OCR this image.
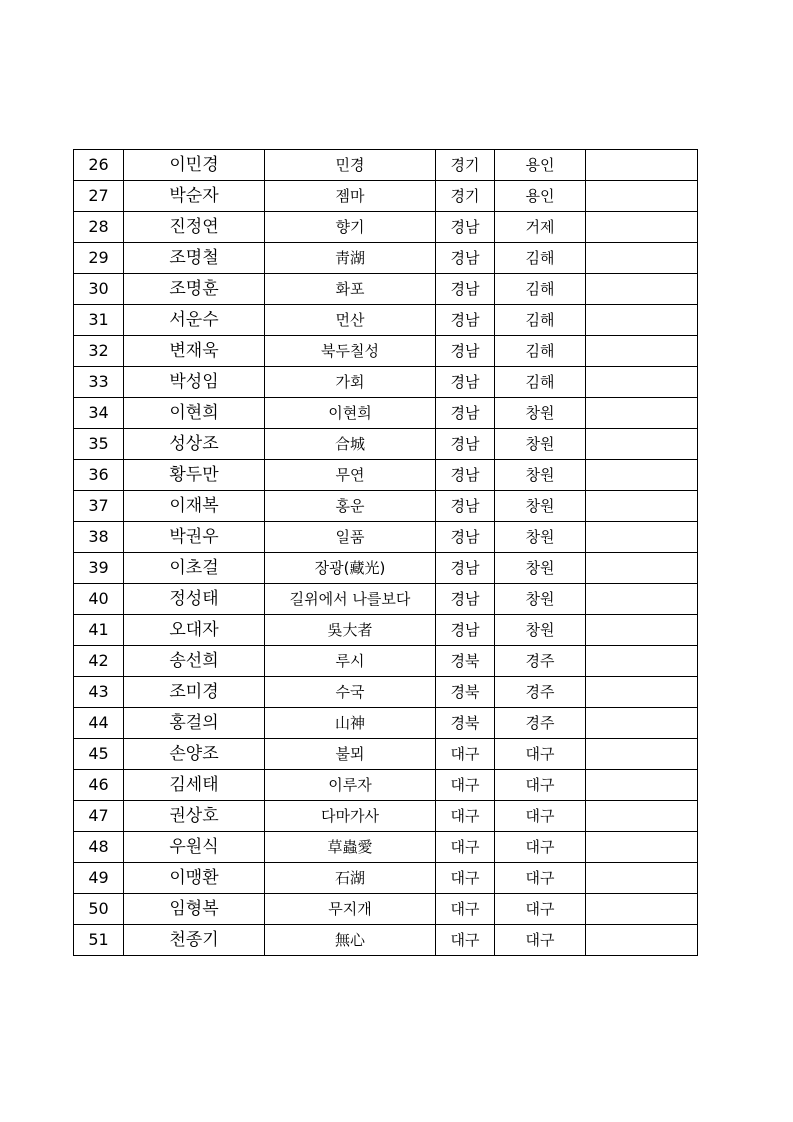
26	이민경	민경	경기	용인	
27	박순자	젬마	경기	용인	
28	진정연	향기	경남	거제	
29	조명철	靑湖	경남	김해	
30	조명훈	화포	경남	김해	
31	서운수	먼산	경남	김해	
32	변재욱	북두칠성	경남	김해	
33	박성임	가회	경남	김해	
34	이현희	이현희	경남	창원	
35	성상조	合城	경남	창원	
36	황두만	무연	경남	창원	
37	이재복	홍운	경남	창원	
38	박권우	일품	경남	창원	
39	이초걸	장광(藏光)	경남	창원	
40	정성태	길위에서 나를보다	경남	창원	
41	오대자	吳大者	경남	창원	
42	송선희	루시	경북	경주	
43	조미경	수국	경북	경주	
44	홍걸의	山神	경북	경주	
45	손양조	불뫼	대구	대구	
46	김세태	이루자	대구	대구	
47	권상호	다마가사	대구	대구	
48	우원식	草蟲愛	대구	대구	
49	이맹환	石湖	대구	대구	
50	임형복	무지개	대구	대구	
51	천종기	無心	대구	대구	
